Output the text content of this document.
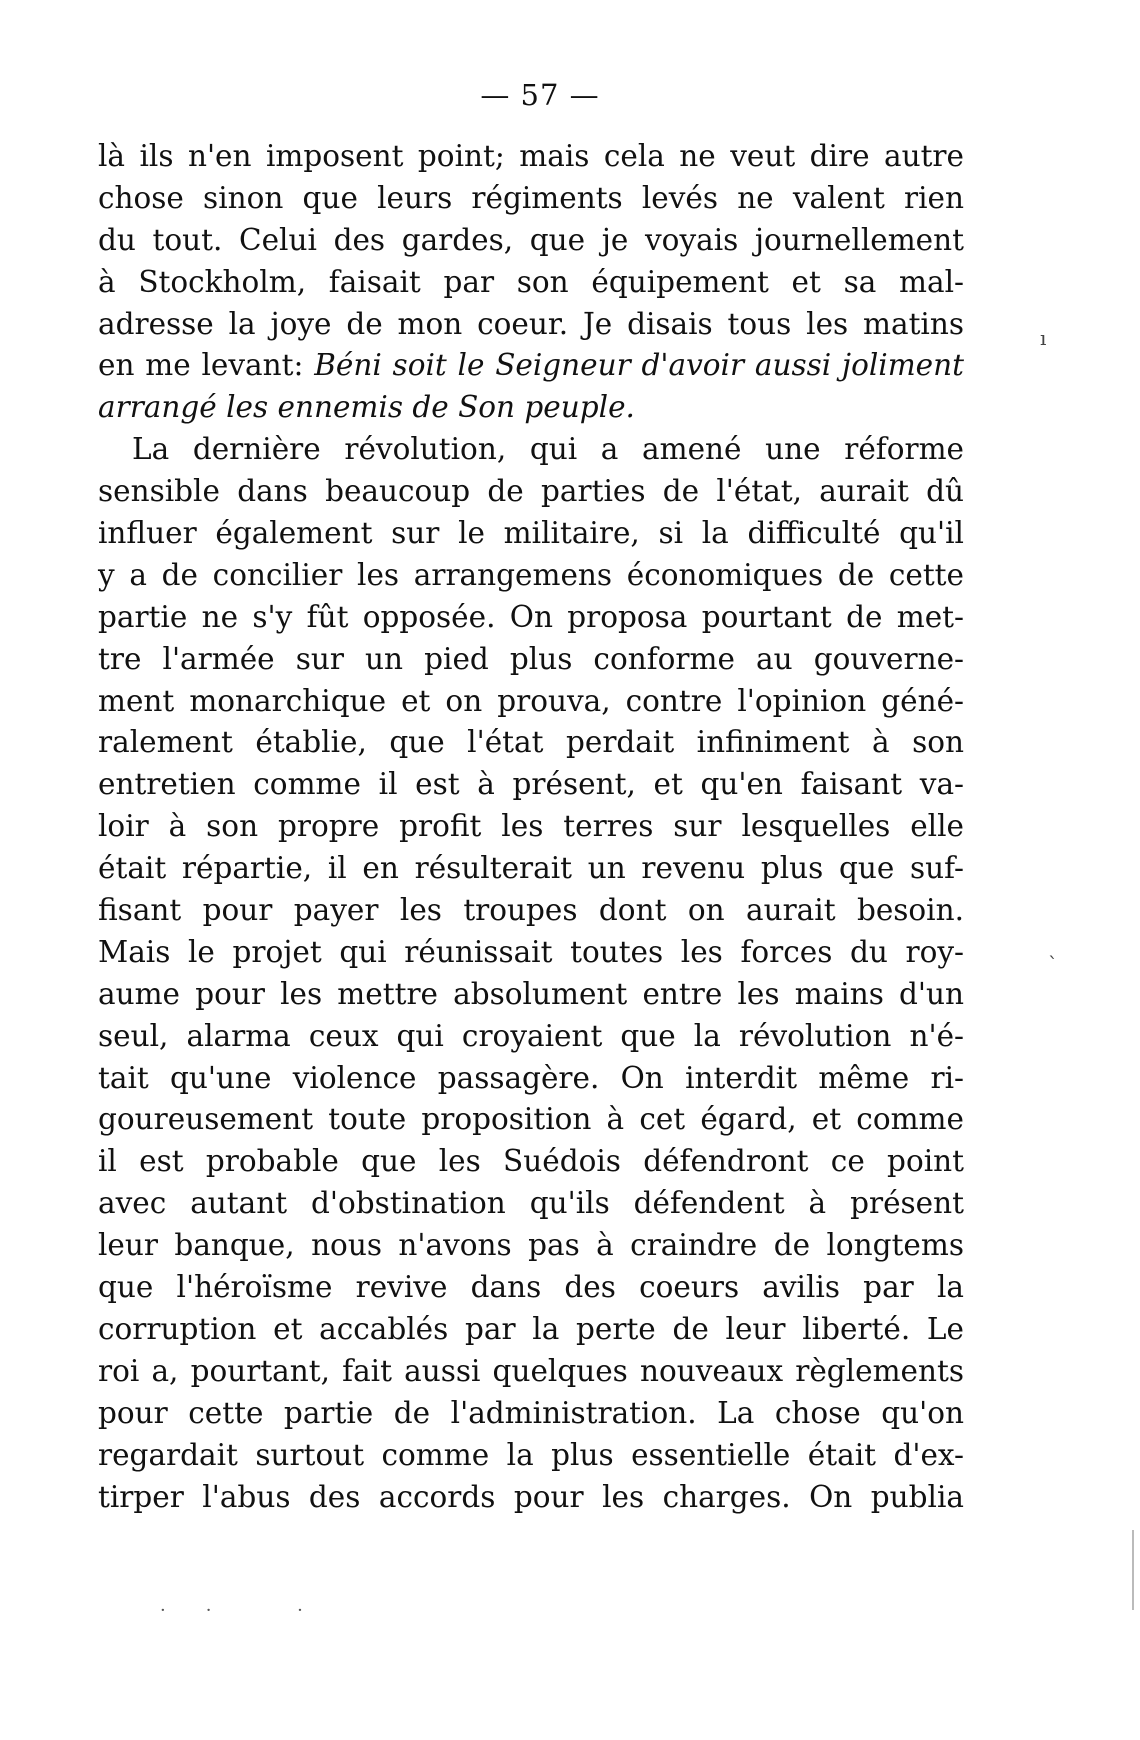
— 57 —
là ils n'en imposent point; mais cela ne veut dire autre
chose sinon que leurs régiments levés ne valent rien
du tout. Celui des gardes, que je voyais journellement
à Stockholm, faisait par son équipement et sa mal-
adresse la joye de mon coeur. Je disais tous les matins
en me levant: Béni soit le Seigneur d'avoir aussi joliment
arrangé les ennemis de Son peuple.
La dernière révolution, qui a amené une réforme
sensible dans beaucoup de parties de l'état, aurait dû
influer également sur le militaire, si la difficulté qu'il
y a de concilier les arrangemens économiques de cette
partie ne s'y fût opposée. On proposa pourtant de met-
tre l'armée sur un pied plus conforme au gouverne-
ment monarchique et on prouva, contre l'opinion géné-
ralement établie, que l'état perdait infiniment à son
entretien comme il est à présent, et qu'en faisant va-
loir à son propre profit les terres sur lesquelles elle
était répartie, il en résulterait un revenu plus que suf-
fisant pour payer les troupes dont on aurait besoin.
Mais le projet qui réunissait toutes les forces du roy-
aume pour les mettre absolument entre les mains d'un
seul, alarma ceux qui croyaient que la révolution n'é-
tait qu'une violence passagère. On interdit même ri-
goureusement toute proposition à cet égard, et comme
il est probable que les Suédois défendront ce point
avec autant d'obstination qu'ils défendent à présent
leur banque, nous n'avons pas à craindre de longtems
que l'héroïsme revive dans des coeurs avilis par la
corruption et accablés par la perte de leur liberté. Le
roi a, pourtant, fait aussi quelques nouveaux règlements
pour cette partie de l'administration. La chose qu'on
regardait surtout comme la plus essentielle était d'ex-
tirper l'abus des accords pour les charges. On publia
ı
`
·· ·
